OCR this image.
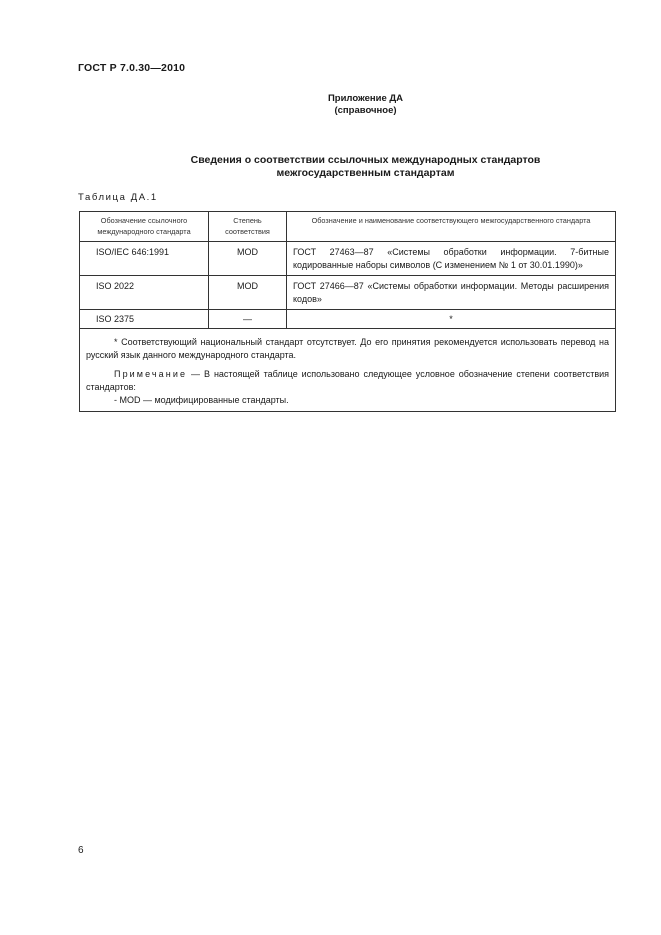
ГОСТ Р 7.0.30—2010
Приложение ДА
(справочное)
Сведения о соответствии ссылочных международных стандартов
межгосударственным стандартам
Таблица ДА.1
Обозначение ссылочного международного стандарта	Степень соответствия	Обозначение и наименование соответствующего межгосударственного стандарта
ISO/IEC 646:1991	MOD	ГОСТ 27463—87 «Системы обработки информации. 7-битные кодированные наборы символов (С изменением № 1 от 30.01.1990)»
ISO 2022	MOD	ГОСТ 27466—87 «Системы обработки информации. Методы расширения кодов»
ISO 2375	—	*

* Соответствующий национальный стандарт отсутствует. До его принятия рекомендуется использовать перевод на русский язык данного международного стандарта.

Примечание — В настоящей таблице использовано следующее условное обозначение степени соответствия стандартов:

- MOD — модифицированные стандарты.		

6
